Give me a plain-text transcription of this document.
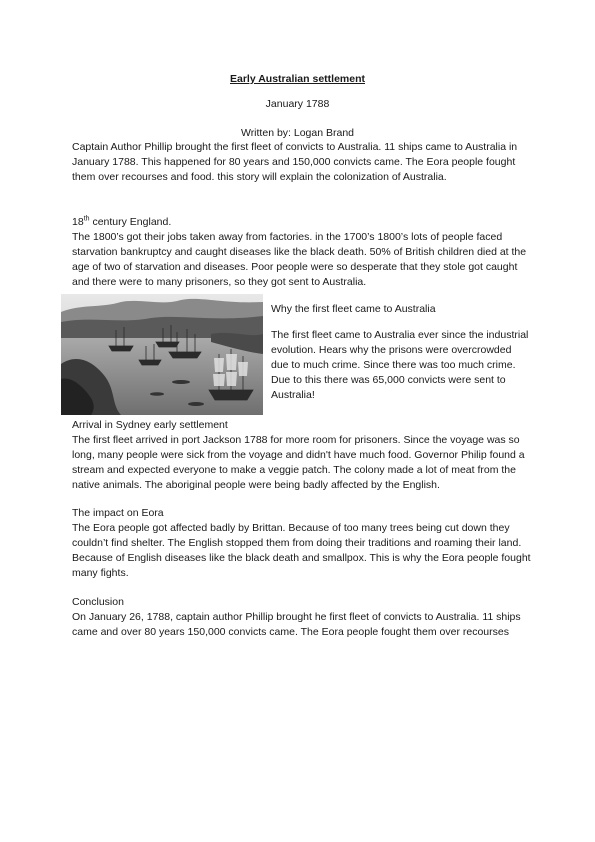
Early Australian settlement
January 1788
Written by: Logan Brand

Captain Author Phillip brought the first fleet of convicts to Australia. 11 ships came to Australia in January 1788. This happened for 80 years and 150,000 convicts came. The Eora people fought them over recourses and food. this story will explain the colonization of Australia.

18th century England.

The 1800’s got their jobs taken away from factories. in the 1700’s 1800’s lots of people faced starvation bankruptcy and caught diseases like the black death. 50% of British children died at the age of two of starvation and diseases. Poor people were so desperate that they stole got caught and there were to many prisoners, so they got sent to Australia.

Why the first fleet came to Australia

The first fleet came to Australia ever since the industrial evolution. Hears why the prisons were overcrowded due to much crime. Since there was too much crime. Due to this there was 65,000 convicts were sent to Australia!

Arrival in Sydney early settlement

The first fleet arrived in port Jackson 1788 for more room for prisoners. Since the voyage was so long, many people were sick from the voyage and didn't have much food. Governor Philip found a stream and expected everyone to make a veggie patch. The colony made a lot of meat from the native animals. The aboriginal people were being badly affected by the English.

The impact on Eora

The Eora people got affected badly by Brittan. Because of too many trees being cut down they couldn’t find shelter. The English stopped them from doing their traditions and roaming their land. Because of English diseases like the black death and smallpox. This is why the Eora people fought many fights.

Conclusion

On January 26, 1788, captain author Phillip brought he first fleet of convicts to Australia. 11 ships came and over 80 years 150,000 convicts came. The Eora people fought them over recourses
